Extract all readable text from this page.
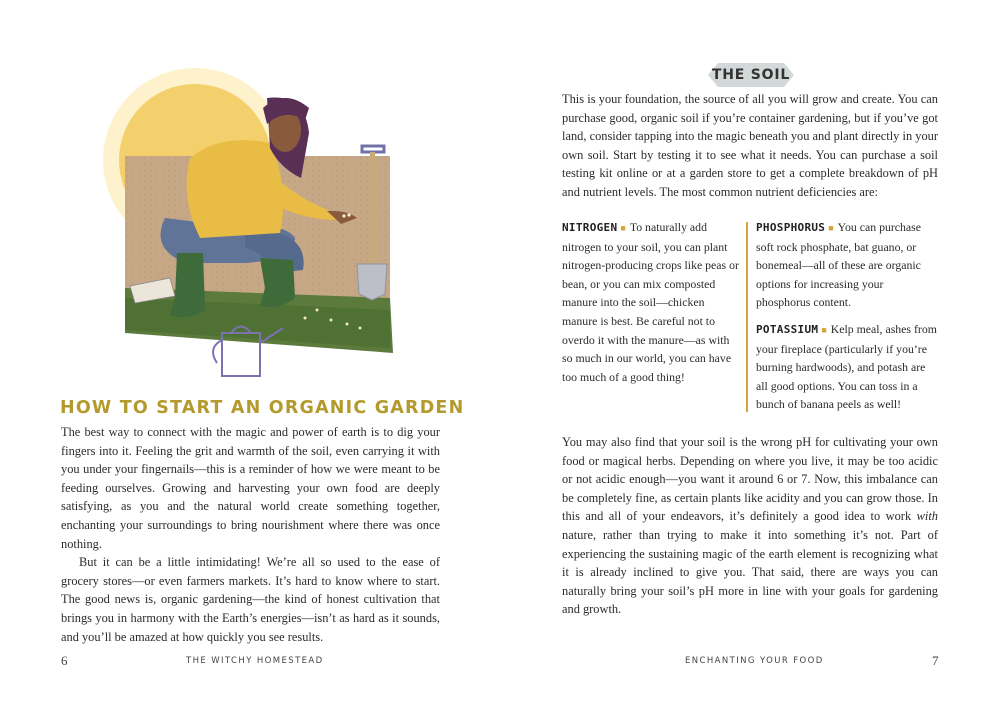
HOW TO START AN ORGANIC GARDEN

The best way to connect with the magic and power of earth is to dig your fingers into it. Feeling the grit and warmth of the soil, even carrying it with you under your fingernails—this is a reminder of how we were meant to be feeding ourselves. Growing and harvesting your own food are deeply satisfying, as you and the natural world create something together, enchanting your surroundings to bring nourishment where there was once nothing.

But it can be a little intimidating! We’re all so used to the ease of grocery stores—or even farmers markets. It’s hard to know where to start. The good news is, organic gardening—the kind of honest cultivation that brings you in harmony with the Earth’s energies—isn’t as hard as it sounds, and you’ll be amazed at how quickly you see results.

6	THE WITCHY HOMESTEAD
THE SOIL

This is your foundation, the source of all you will grow and create. You can purchase good, organic soil if you’re container gardening, but if you’ve got land, consider tapping into the magic beneath you and plant directly in your own soil. Start by testing it to see what it needs. You can purchase a soil testing kit online or at a garden store to get a complete breakdown of pH and nutrient levels. The most common nutrient deficiencies are:

NITROGEN ■ To naturally add nitrogen to your soil, you can plant nitrogen-producing crops like peas or bean, or you can mix composted manure into the soil—chicken manure is best. Be careful not to overdo it with the manure—as with so much in our world, you can have too much of a good thing!
PHOSPHORUS ■ You can purchase soft rock phosphate, bat guano, or bonemeal—all of these are organic options for increasing your phosphorus content.
POTASSIUM ■ Kelp meal, ashes from your fireplace (particularly if you’re burning hardwoods), and potash are all good options. You can toss in a bunch of banana peels as well!

You may also find that your soil is the wrong pH for cultivating your own food or magical herbs. Depending on where you live, it may be too acidic or not acidic enough—you want it around 6 or 7. Now, this imbalance can be completely fine, as certain plants like acidity and you can grow those. In this and all of your endeavors, it’s definitely a good idea to work with nature, rather than trying to make it into something it’s not. Part of experiencing the sustaining magic of the earth element is recognizing what it is already inclined to give you. That said, there are ways you can naturally bring your soil’s pH more in line with your goals for gardening and growth.

ENCHANTING YOUR FOOD	7
